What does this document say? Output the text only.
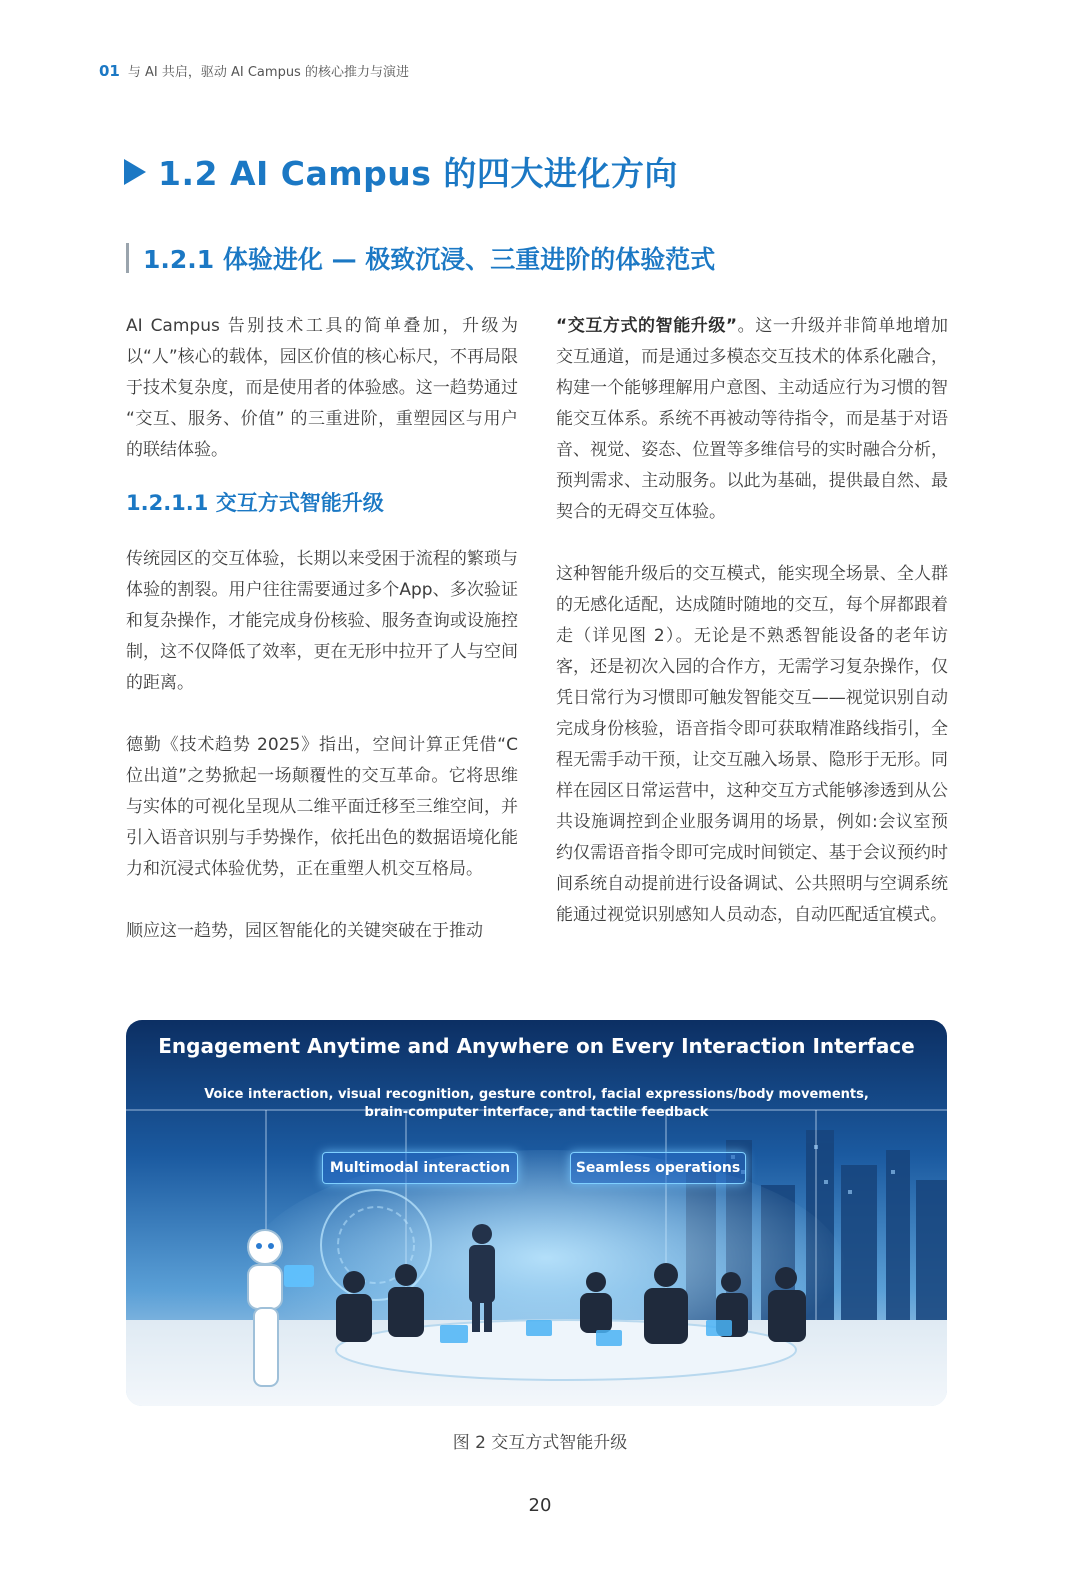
01 与 AI 共启，驱动 AI Campus 的核心推力与演进
1.2 AI Campus 的四大进化方向
1.2.1 体验进化 — 极致沉浸、三重进阶的体验范式

AI Campus 告别技术工具的简单叠加，升级为以“人”核心的载体，园区价值的核心标尺，不再局限于技术复杂度，而是使用者的体验感。这一趋势通过 “交互、服务、价值” 的三重进阶，重塑园区与用户的联结体验。

1.2.1.1 交互方式智能升级

传统园区的交互体验，长期以来受困于流程的繁琐与体验的割裂。用户往往需要通过多个App、多次验证和复杂操作，才能完成身份核验、服务查询或设施控制，这不仅降低了效率，更在无形中拉开了人与空间的距离。

德勤《技术趋势 2025》指出，空间计算正凭借“C位出道”之势掀起一场颠覆性的交互革命。它将思维与实体的可视化呈现从二维平面迁移至三维空间，并引入语音识别与手势操作，依托出色的数据语境化能力和沉浸式体验优势，正在重塑人机交互格局。

顺应这一趋势，园区智能化的关键突破在于推动

“交互方式的智能升级”。这一升级并非简单地增加交互通道，而是通过多模态交互技术的体系化融合，构建一个能够理解用户意图、主动适应行为习惯的智能交互体系。系统不再被动等待指令，而是基于对语音、视觉、姿态、位置等多维信号的实时融合分析，预判需求、主动服务。以此为基础，提供最自然、最契合的无碍交互体验。

这种智能升级后的交互模式，能实现全场景、全人群的无感化适配，达成随时随地的交互，每个屏都跟着走（详见图 2）。无论是不熟悉智能设备的老年访客，还是初次入园的合作方，无需学习复杂操作，仅凭日常行为习惯即可触发智能交互——视觉识别自动完成身份核验，语音指令即可获取精准路线指引，全程无需手动干预，让交互融入场景、隐形于无形。同样在园区日常运营中，这种交互方式能够渗透到从公共设施调控到企业服务调用的场景，例如:会议室预约仅需语音指令即可完成时间锁定、基于会议预约时间系统自动提前进行设备调试、公共照明与空调系统能通过视觉识别感知人员动态，自动匹配适宜模式。

Engagement Anytime and Anywhere on Every Interaction Interface
Voice interaction, visual recognition, gesture control, facial expressions/body movements,
brain-computer interface, and tactile feedback
Multimodal interaction	Seamless operations
图 2 交互方式智能升级
20
